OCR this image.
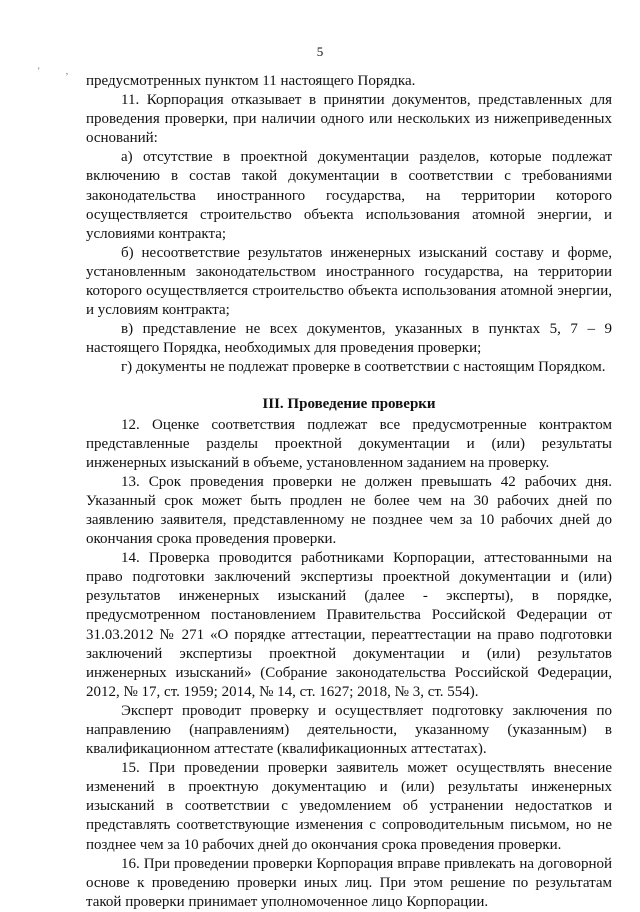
5
' ,

предусмотренных пунктом 11 настоящего Порядка.

11. Корпорация отказывает в принятии документов, представленных для проведения проверки, при наличии одного или нескольких из нижеприведенных оснований:

а) отсутствие в проектной документации разделов, которые подлежат включению в состав такой документации в соответствии с требованиями законодательства иностранного государства, на территории которого осуществляется строительство объекта использования атомной энергии, и условиями контракта;

б) несоответствие результатов инженерных изысканий составу и форме, установленным законодательством иностранного государства, на территории которого осуществляется строительство объекта использования атомной энергии, и условиям контракта;

в) представление не всех документов, указанных в пунктах 5, 7 – 9 настоящего Порядка, необходимых для проведения проверки;

г) документы не подлежат проверке в соответствии с настоящим Порядком.

III. Проведение проверки

12. Оценке соответствия подлежат все предусмотренные контрактом представленные разделы проектной документации и (или) результаты инженерных изысканий в объеме, установленном заданием на проверку.

13. Срок проведения проверки не должен превышать 42 рабочих дня. Указанный срок может быть продлен не более чем на 30 рабочих дней по заявлению заявителя, представленному не позднее чем за 10 рабочих дней до окончания срока проведения проверки.

14. Проверка проводится работниками Корпорации, аттестованными на право подготовки заключений экспертизы проектной документации и (или) результатов инженерных изысканий (далее - эксперты), в порядке, предусмотренном постановлением Правительства Российской Федерации от 31.03.2012 № 271 «О порядке аттестации, переаттестации на право подготовки заключений экспертизы проектной документации и (или) результатов инженерных изысканий» (Собрание законодательства Российской Федерации, 2012, № 17, ст. 1959; 2014, № 14, ст. 1627; 2018, № 3, ст. 554).

Эксперт проводит проверку и осуществляет подготовку заключения по направлению (направлениям) деятельности, указанному (указанным) в квалификационном аттестате (квалификационных аттестатах).

15. При проведении проверки заявитель может осуществлять внесение изменений в проектную документацию и (или) результаты инженерных изысканий в соответствии с уведомлением об устранении недостатков и представлять соответствующие изменения с сопроводительным письмом, но не позднее чем за 10 рабочих дней до окончания срока проведения проверки.

16. При проведении проверки Корпорация вправе привлекать на договорной основе к проведению проверки иных лиц. При этом решение по результатам такой проверки принимает уполномоченное лицо Корпорации.
